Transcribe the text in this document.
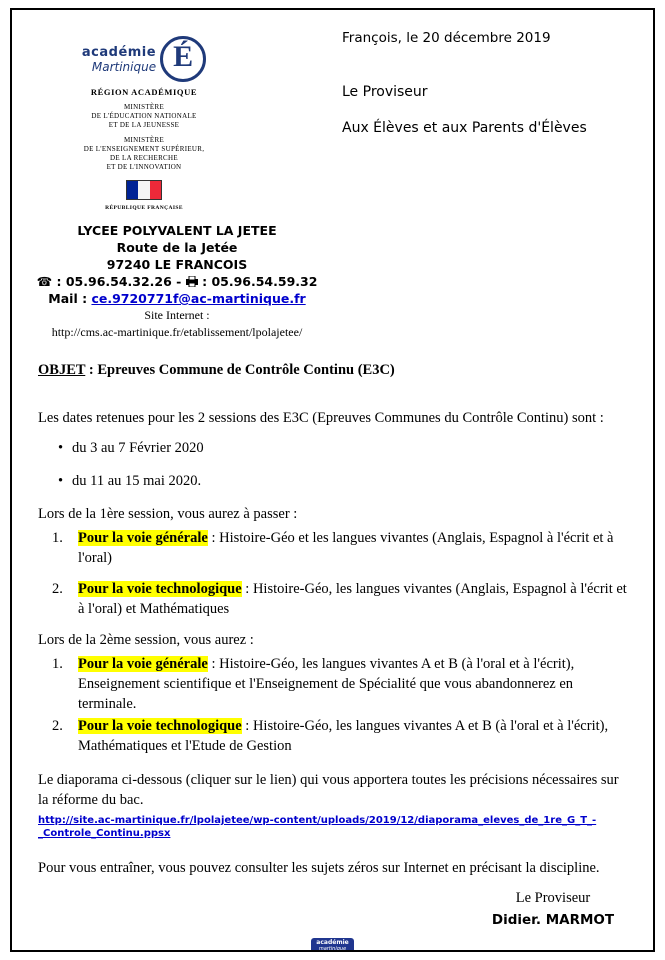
académie
Martinique É
RÉGION ACADÉMIQUE
MINISTÈRE
DE L'ÉDUCATION NATIONALE
ET DE LA JEUNESSE
MINISTÈRE
DE L'ENSEIGNEMENT SUPÉRIEUR,
DE LA RECHERCHE
ET DE L'INNOVATION
RÉPUBLIQUE FRANÇAISE
François, le 20 décembre 2019
Le Proviseur
Aux Élèves et aux Parents d'Élèves
LYCEE POLYVALENT LA JETEE
Route de la Jetée
97240 LE FRANCOIS
☎ : 05.96.54.32.26 - : 05.96.54.59.32
Mail : ce.9720771f@ac-martinique.fr
Site Internet :
http://cms.ac-martinique.fr/etablissement/lpolajetee/
OBJET : Epreuves Commune de Contrôle Continu (E3C)

Les dates retenues pour les 2 sessions des E3C (Epreuves Communes du Contrôle Continu) sont :

• du 3 au 7 Février 2020
• du 11 au 15 mai 2020.

Lors de la 1ère session, vous aurez à passer :

1.	Pour la voie générale : Histoire-Géo et les langues vivantes (Anglais, Espagnol à l'écrit et à l'oral)
2.	Pour la voie technologique : Histoire-Géo, les langues vivantes (Anglais, Espagnol à l'écrit et à l'oral) et Mathématiques

Lors de la 2ème session, vous aurez :

1.	Pour la voie générale : Histoire-Géo, les langues vivantes A et B (à l'oral et à l'écrit), Enseignement scientifique et l'Enseignement de Spécialité que vous abandonnerez en terminale.
2.	Pour la voie technologique : Histoire-Géo, les langues vivantes A et B (à l'oral et à l'écrit), Mathématiques et l'Etude de Gestion

Le diaporama ci-dessous (cliquer sur le lien) qui vous apportera toutes les précisions nécessaires sur la réforme du bac.

http://site.ac-martinique.fr/lpolajetee/wp-content/uploads/2019/12/diaporama_eleves_de_1re_G_T_-_Controle_Continu.ppsx

Pour vous entraîner, vous pouvez consulter les sujets zéros sur Internet en précisant la discipline.

Le Proviseur
Didier. MARMOT
académie
martinique
